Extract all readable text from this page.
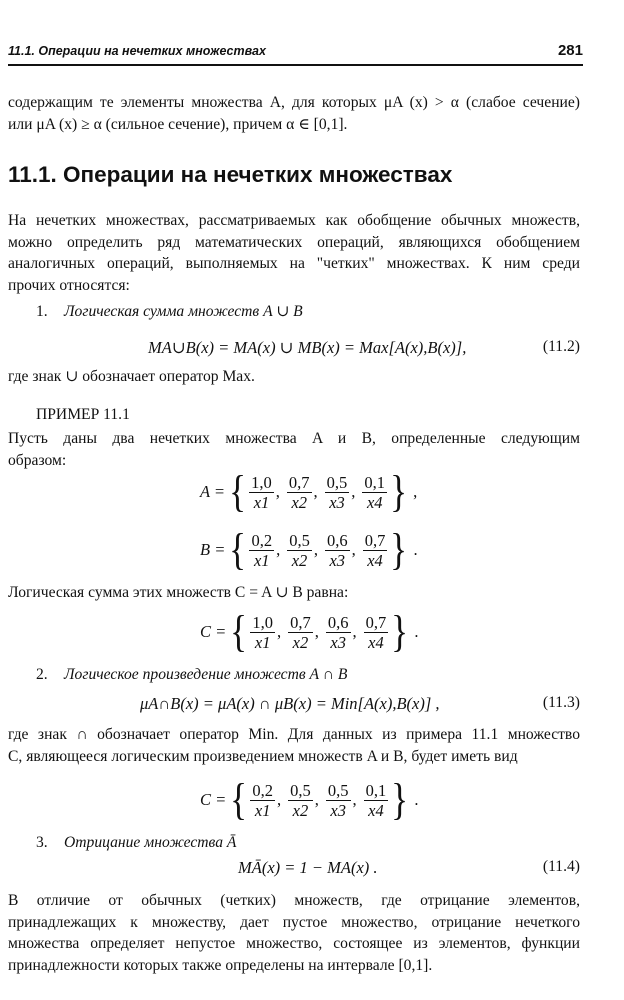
11.1. Операции на нечетких множествах	281
содержащим те элементы множества A, для которых μA (x) > α (слабое сечение)
или μA (x) ≥ α (сильное сечение), причем α ∈ [0,1].
11.1. Операции на нечетких множествах
На нечетких множествах, рассматриваемых как обобщение обычных множеств,
можно определить ряд математических операций, являющихся обобщением
аналогичных операций, выполняемых на "четких" множествах. К ним среди
прочих относятся:
1. Логическая сумма множеств A ∪ B
MA∪B(x) = MA(x) ∪ MB(x) = Max[A(x),B(x)],	(11.2)
где знак ∪ обозначает оператор Max.
ПРИМЕР 11.1
Пусть даны два нечетких множества A и B, определенные следующим
образом:
A = { $\frac{1,0}{x1}$ , $\frac{0,7}{x2}$ , $\frac{0,5}{x3}$ , $\frac{0,1}{x4}$ } ,
B = { $\frac{0,2}{x1}$ , $\frac{0,5}{x2}$ , $\frac{0,6}{x3}$ , $\frac{0,7}{x4}$ } .
Логическая сумма этих множеств C = A ∪ B равна:
C = { $\frac{1,0}{x1}$ , $\frac{0,7}{x2}$ , $\frac{0,6}{x3}$ , $\frac{0,7}{x4}$ } .
2. Логическое произведение множеств A ∩ B
μA∩B(x) = μA(x) ∩ μB(x) = Min[A(x),B(x)] ,	(11.3)
где знак ∩ обозначает оператор Min. Для данных из примера 11.1 множество
C, являющееся логическим произведением множеств A и B, будет иметь вид
C = { $\frac{0,2}{x1}$ , $\frac{0,5}{x2}$ , $\frac{0,5}{x3}$ , $\frac{0,1}{x4}$ } .
3. Отрицание множества Ā
MĀ(x) = 1 − MA(x) .	(11.4)
В отличие от обычных (четких) множеств, где отрицание элементов,
принадлежащих к множеству, дает пустое множество, отрицание нечеткого
множества определяет непустое множество, состоящее из элементов, функции
принадлежности которых также определены на интервале [0,1].
